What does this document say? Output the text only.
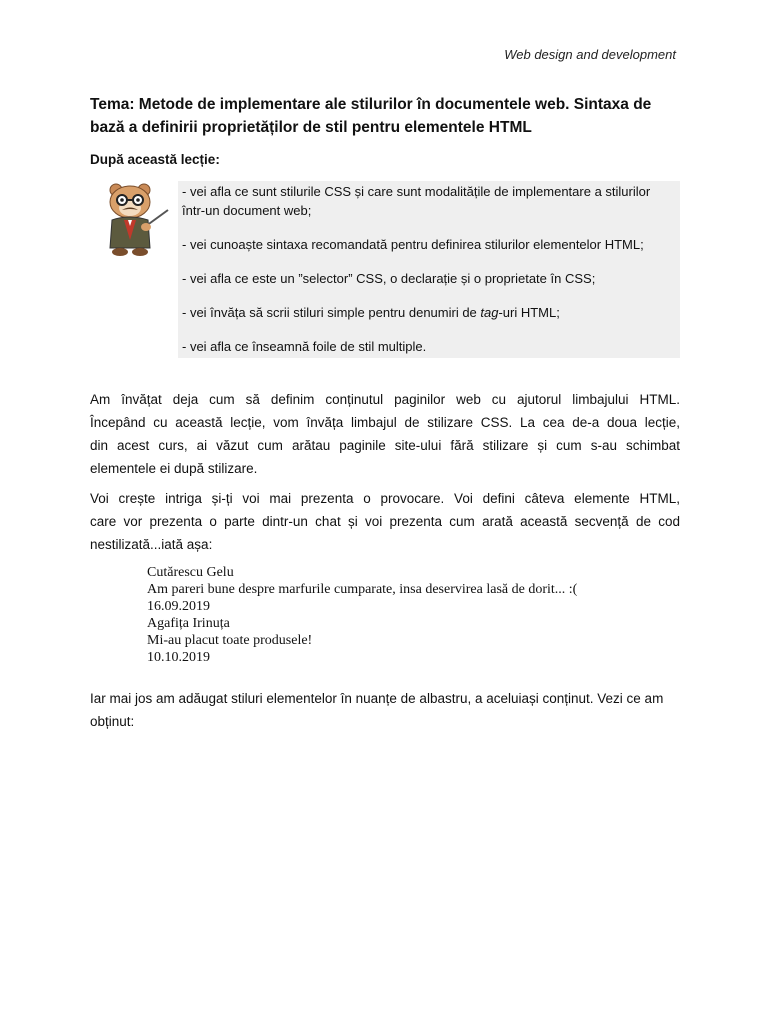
Web design and development
Tema: Metode de implementare ale stilurilor în documentele web. Sintaxa de bază a definirii proprietăților de stil pentru elementele HTML
După această lecție:
- vei afla ce sunt stilurile CSS și care sunt modalitățile de implementare a stilurilor într-un document web;
- vei cunoaște sintaxa recomandată pentru definirea stilurilor elementelor HTML;
- vei afla ce este un ”selector” CSS, o declarație și o proprietate în CSS;
- vei învăța să scrii stiluri simple pentru denumiri de tag-uri HTML;
- vei afla ce înseamnă foile de stil multiple.
Am învățat deja cum să definim conținutul paginilor web cu ajutorul limbajului HTML.
Începând cu această lecție, vom învăța limbajul de stilizare CSS. La cea de-a doua lecție,
din acest curs, ai văzut cum arătau paginile site-ului fără stilizare și cum s-au schimbat
elementele ei după stilizare.
Voi crește intriga și-ți voi mai prezenta o provocare. Voi defini câteva elemente HTML,
care vor prezenta o parte dintr-un chat și voi prezenta cum arată această secvență de cod
nestilizată...iată așa:
Cutărescu Gelu
Am pareri bune despre marfurile cumparate, insa deservirea lasă de dorit... :(
16.09.2019
Agafița Irinuța
Mi-au placut toate produsele!
10.10.2019
Iar mai jos am adăugat stiluri elementelor în nuanțe de albastru, a aceluiași conținut. Vezi ce am obținut:
